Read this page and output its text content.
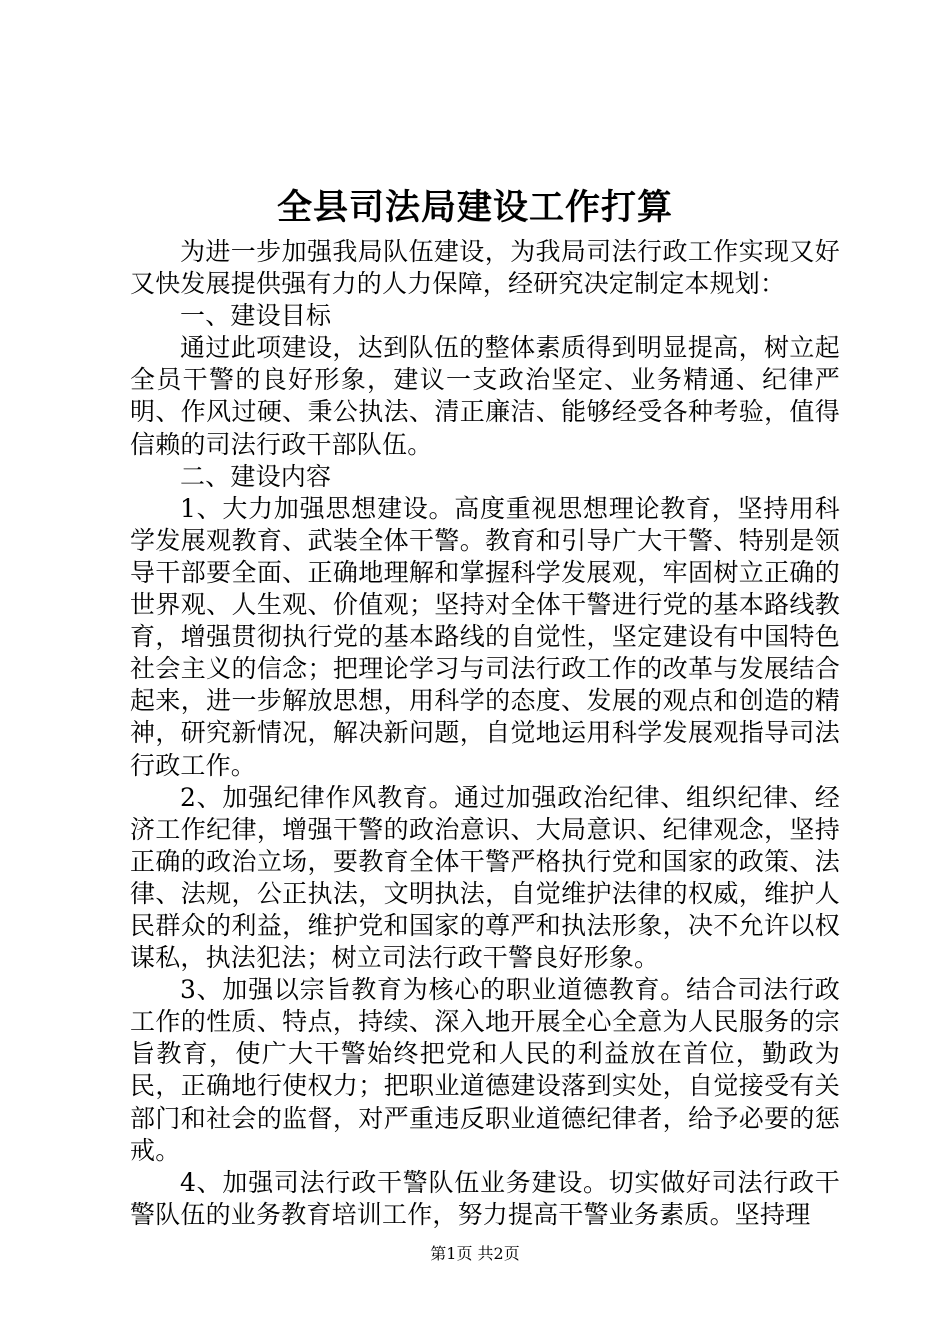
全县司法局建设工作打算

为进一步加强我局队伍建设，为我局司法行政工作实现又好又快发展提供强有力的人力保障，经研究决定制定本规划：

一、建设目标

通过此项建设，达到队伍的整体素质得到明显提高，树立起全员干警的良好形象，建议一支政治坚定、业务精通、纪律严明、作风过硬、秉公执法、清正廉洁、能够经受各种考验，值得信赖的司法行政干部队伍。

二、建设内容

1、大力加强思想建设。高度重视思想理论教育，坚持用科学发展观教育、武装全体干警。教育和引导广大干警、特别是领导干部要全面、正确地理解和掌握科学发展观，牢固树立正确的世界观、人生观、价值观；坚持对全体干警进行党的基本路线教育，增强贯彻执行党的基本路线的自觉性，坚定建设有中国特色社会主义的信念；把理论学习与司法行政工作的改革与发展结合起来，进一步解放思想，用科学的态度、发展的观点和创造的精神，研究新情况，解决新问题，自觉地运用科学发展观指导司法行政工作。

2、加强纪律作风教育。通过加强政治纪律、组织纪律、经济工作纪律，增强干警的政治意识、大局意识、纪律观念，坚持正确的政治立场，要教育全体干警严格执行党和国家的政策、法律、法规，公正执法，文明执法，自觉维护法律的权威，维护人民群众的利益，维护党和国家的尊严和执法形象，决不允许以权谋私，执法犯法；树立司法行政干警良好形象。

3、加强以宗旨教育为核心的职业道德教育。结合司法行政工作的性质、特点，持续、深入地开展全心全意为人民服务的宗旨教育，使广大干警始终把党和人民的利益放在首位，勤政为民，正确地行使权力；把职业道德建设落到实处，自觉接受有关部门和社会的监督，对严重违反职业道德纪律者，给予必要的惩戒。

4、加强司法行政干警队伍业务建设。切实做好司法行政干警队伍的业务教育培训工作，努力提高干警业务素质。坚持理

第1页 共2页
